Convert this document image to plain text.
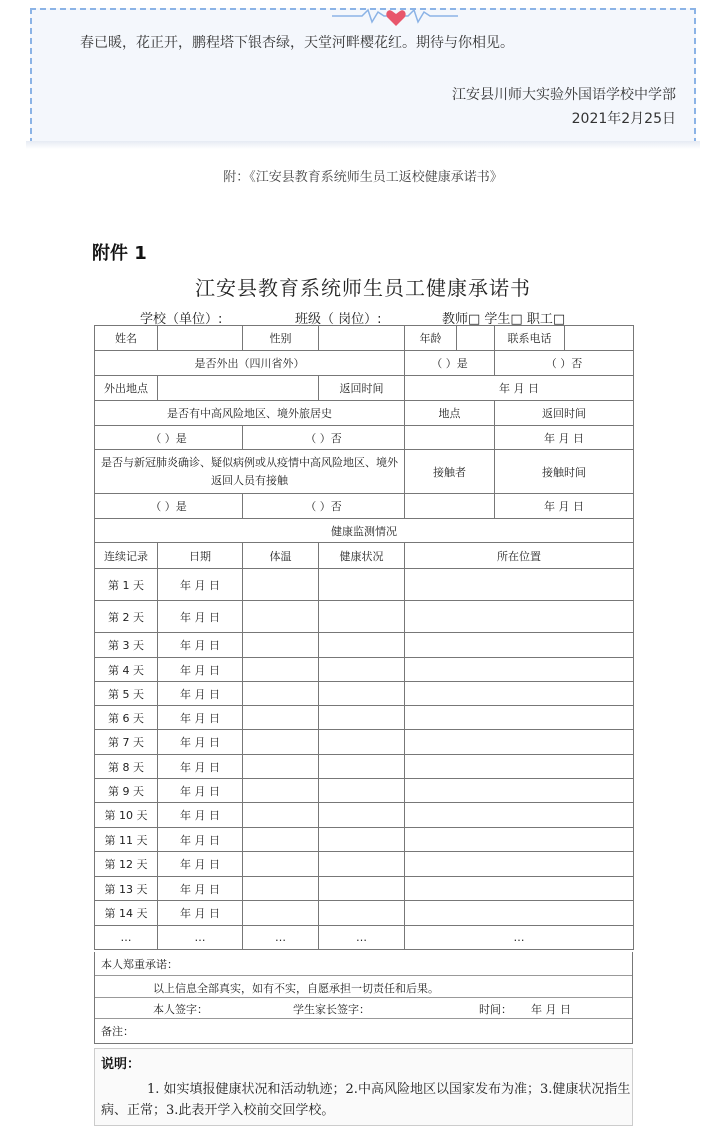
春已暖，花正开，鹏程塔下银杏绿，天堂河畔樱花红。期待与你相见。
江安县川师大实验外国语学校中学部
2021年2月25日
附：《江安县教育系统师生员工返校健康承诺书》
附件 1
江安县教育系统师生员工健康承诺书
学校（单位）:	班级（ 岗位）:	教师□ 学生□ 职工□
姓名		性别		年龄		联系电话	
是否外出（四川省外）				（ ）是		（ ）否	
外出地点			返回时间	年 月 日			
是否有中高风险地区、境外旅居史				地点		返回时间	
（ ）是		（ ）否				年 月 日	
是否与新冠肺炎确诊、疑似病例或从疫情中高风险地区、境外返回人员有接触				接触者		接触时间	
（ ）是		（ ）否				年 月 日	
健康监测情况							
连续记录	日期	体温	健康状况	所在位置			
第 1 天	年 月 日						
第 2 天	年 月 日						
第 3 天	年 月 日						
第 4 天	年 月 日						
第 5 天	年 月 日						
第 6 天	年 月 日						
第 7 天	年 月 日						
第 8 天	年 月 日						
第 9 天	年 月 日						
第 10 天	年 月 日						
第 11 天	年 月 日						
第 12 天	年 月 日						
第 13 天	年 月 日						
第 14 天	年 月 日						
…	…	…	…	…			
本人郑重承诺：
以上信息全部真实，如有不实，自愿承担一切责任和后果。
本人签字：	学生家长签字：	时间： 年 月 日
备注：
说明：
1. 如实填报健康状况和活动轨迹；2.中高风险地区以国家发布为准；3.健康状况指生病、正常；3.此表开学入校前交回学校。
